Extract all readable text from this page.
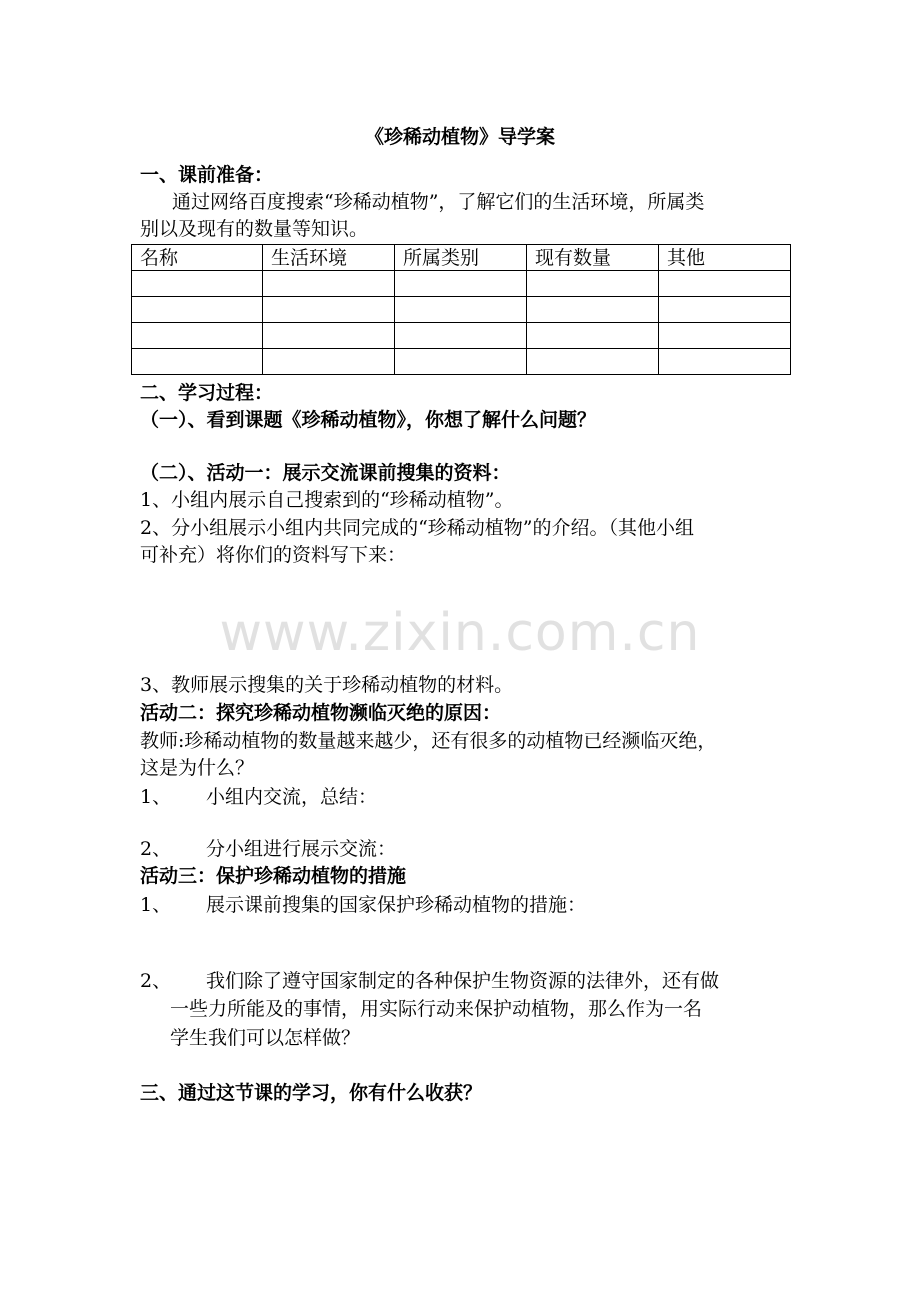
《珍稀动植物》导学案
一、课前准备：
通过网络百度搜索“珍稀动植物”，了解它们的生活环境，所属类
别以及现有的数量等知识。
名称	生活环境	所属类别	现有数量	其他

二、学习过程：
（一）、看到课题《珍稀动植物》，你想了解什么问题？
（二）、活动一：展示交流课前搜集的资料：
1、小组内展示自己搜索到的“珍稀动植物”。
2、分小组展示小组内共同完成的“珍稀动植物”的介绍。（其他小组
可补充）将你们的资料写下来：
www.zixin.com.cn
3、教师展示搜集的关于珍稀动植物的材料。
活动二：探究珍稀动植物濒临灭绝的原因：
教师:珍稀动植物的数量越来越少，还有很多的动植物已经濒临灭绝，
这是为什么？
1、 小组内交流，总结：
2、 分小组进行展示交流：
活动三：保护珍稀动植物的措施
1、 展示课前搜集的国家保护珍稀动植物的措施：
2、 我们除了遵守国家制定的各种保护生物资源的法律外，还有做
一些力所能及的事情，用实际行动来保护动植物，那么作为一名
学生我们可以怎样做？
三、通过这节课的学习，你有什么收获？
